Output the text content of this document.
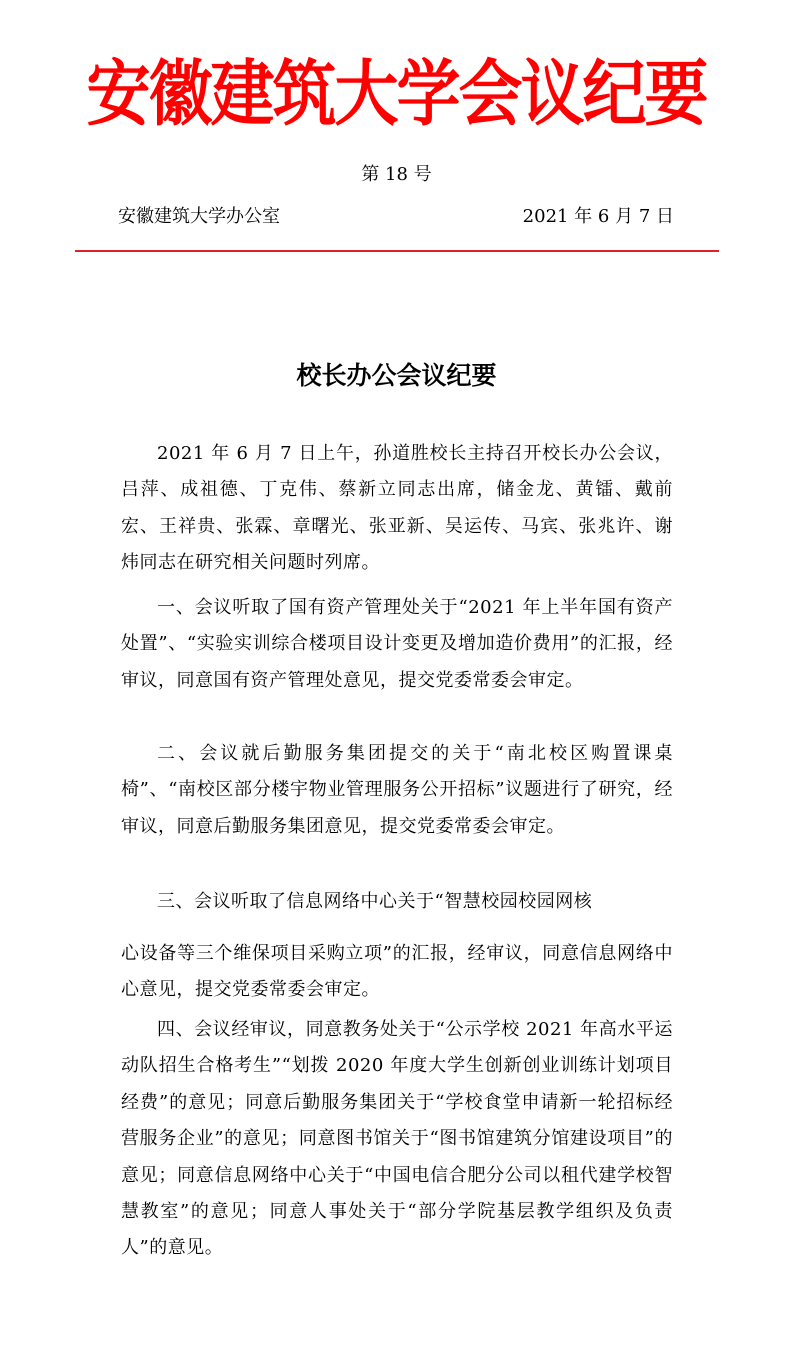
安徽建筑大学会议纪要
第 18 号
安徽建筑大学办公室	2021 年 6 月 7 日
校长办公会议纪要
2021 年 6 月 7 日上午，孙道胜校长主持召开校长办公会议，吕萍、成祖德、丁克伟、蔡新立同志出席，储金龙、黄镭、戴前宏、王祥贵、张霖、章曙光、张亚新、吴运传、马宾、张兆许、谢炜同志在研究相关问题时列席。
一、会议听取了国有资产管理处关于“2021 年上半年国有资产处置”、“实验实训综合楼项目设计变更及增加造价费用”的汇报，经审议，同意国有资产管理处意见，提交党委常委会审定。
二、会议就后勤服务集团提交的关于“南北校区购置课桌椅”、“南校区部分楼宇物业管理服务公开招标”议题进行了研究，经审议，同意后勤服务集团意见，提交党委常委会审定。
三、会议听取了信息网络中心关于“智慧校园校园网核
心设备等三个维保项目采购立项”的汇报，经审议，同意信息网络中心意见，提交党委常委会审定。
四、会议经审议，同意教务处关于“公示学校 2021 年高水平运动队招生合格考生”“划拨 2020 年度大学生创新创业训练计划项目经费”的意见；同意后勤服务集团关于“学校食堂申请新一轮招标经营服务企业”的意见；同意图书馆关于“图书馆建筑分馆建设项目”的意见；同意信息网络中心关于“中国电信合肥分公司以租代建学校智慧教室”的意见；同意人事处关于“部分学院基层教学组织及负责人”的意见。
